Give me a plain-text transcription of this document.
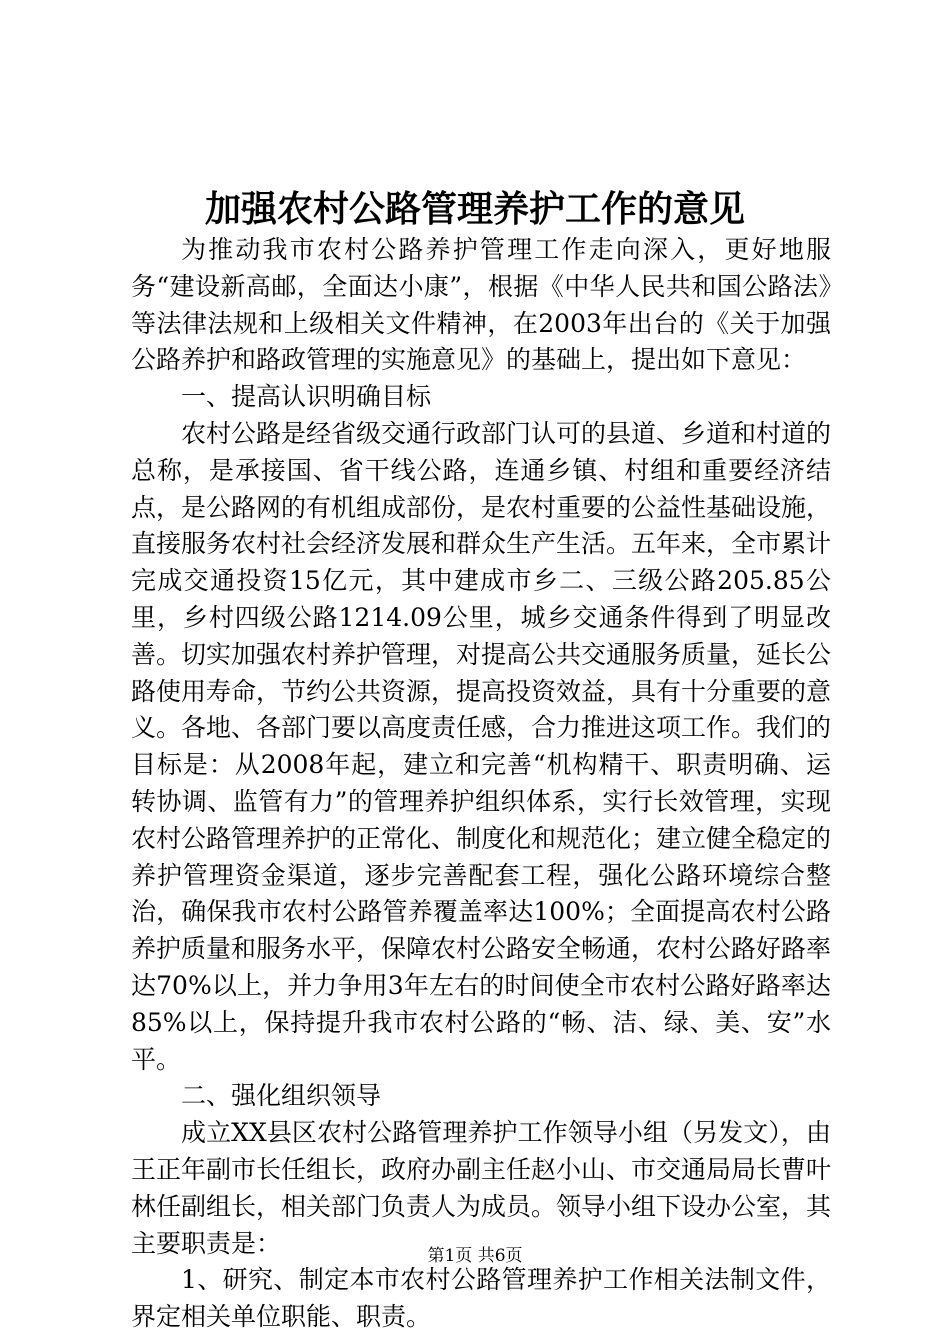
加强农村公路管理养护工作的意见

为推动我市农村公路养护管理工作走向深入，更好地服务“建设新高邮，全面达小康”，根据《中华人民共和国公路法》等法律法规和上级相关文件精神，在2003年出台的《关于加强公路养护和路政管理的实施意见》的基础上，提出如下意见：

一、提高认识明确目标

农村公路是经省级交通行政部门认可的县道、乡道和村道的总称，是承接国、省干线公路，连通乡镇、村组和重要经济结点，是公路网的有机组成部份，是农村重要的公益性基础设施，直接服务农村社会经济发展和群众生产生活。五年来，全市累计完成交通投资15亿元，其中建成市乡二、三级公路205.85公里，乡村四级公路1214.09公里，城乡交通条件得到了明显改善。切实加强农村养护管理，对提高公共交通服务质量，延长公路使用寿命，节约公共资源，提高投资效益，具有十分重要的意义。各地、各部门要以高度责任感，合力推进这项工作。我们的目标是：从2008年起，建立和完善“机构精干、职责明确、运转协调、监管有力”的管理养护组织体系，实行长效管理，实现农村公路管理养护的正常化、制度化和规范化；建立健全稳定的养护管理资金渠道，逐步完善配套工程，强化公路环境综合整治，确保我市农村公路管养覆盖率达100%；全面提高农村公路养护质量和服务水平，保障农村公路安全畅通，农村公路好路率达70%以上，并力争用3年左右的时间使全市农村公路好路率达85%以上，保持提升我市农村公路的“畅、洁、绿、美、安”水平。

二、强化组织领导

成立XX县区农村公路管理养护工作领导小组（另发文），由王正年副市长任组长，政府办副主任赵小山、市交通局局长曹叶林任副组长，相关部门负责人为成员。领导小组下设办公室，其主要职责是：

1、研究、制定本市农村公路管理养护工作相关法制文件，界定相关单位职能、职责。

第1页 共6页
